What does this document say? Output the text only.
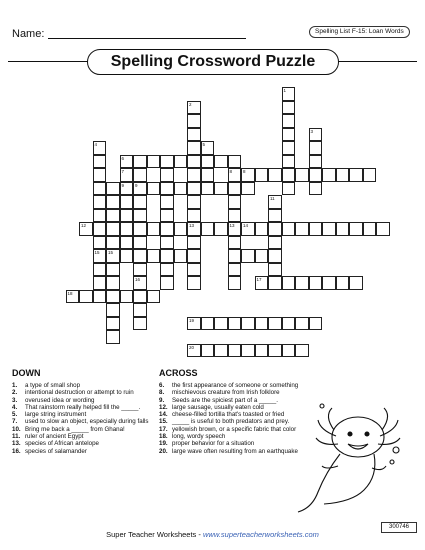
Name:	Spelling List F-15: Loan Words
Spelling Crossword Puzzle
1
2
13
3
4
15
5
6
7
9 9
16
15
13
11
8 8
12	14
17
18
19
20
DOWN
1.	a type of small shop
2.	intentional destruction or attempt to ruin
3.	overused idea or wording
4.	That rainstorm really helped fill the _____.
5.	large string instrument
7.	used to slow an object, especially during falls
10. Bring me back a _____ from Ghana!
11. ruler of ancient Egypt
13. species of African antelope
16. species of salamander
ACROSS
6.	the first appearance of someone or something
8.	mischievous creature from Irish folklore
9.	Seeds are the spiciest part of a _____.
12. large sausage, usually eaten cold
14. cheese-filled tortilla that's toasted or fried
15. _____ is useful to both predators and prey.
17. yellowish brown, or a specific fabric that color
18. long, wordy speech
19. proper behavior for a situation
20. large wave often resulting from an earthquake
Super Teacher Worksheets - www.superteacherworksheets.com
300746
